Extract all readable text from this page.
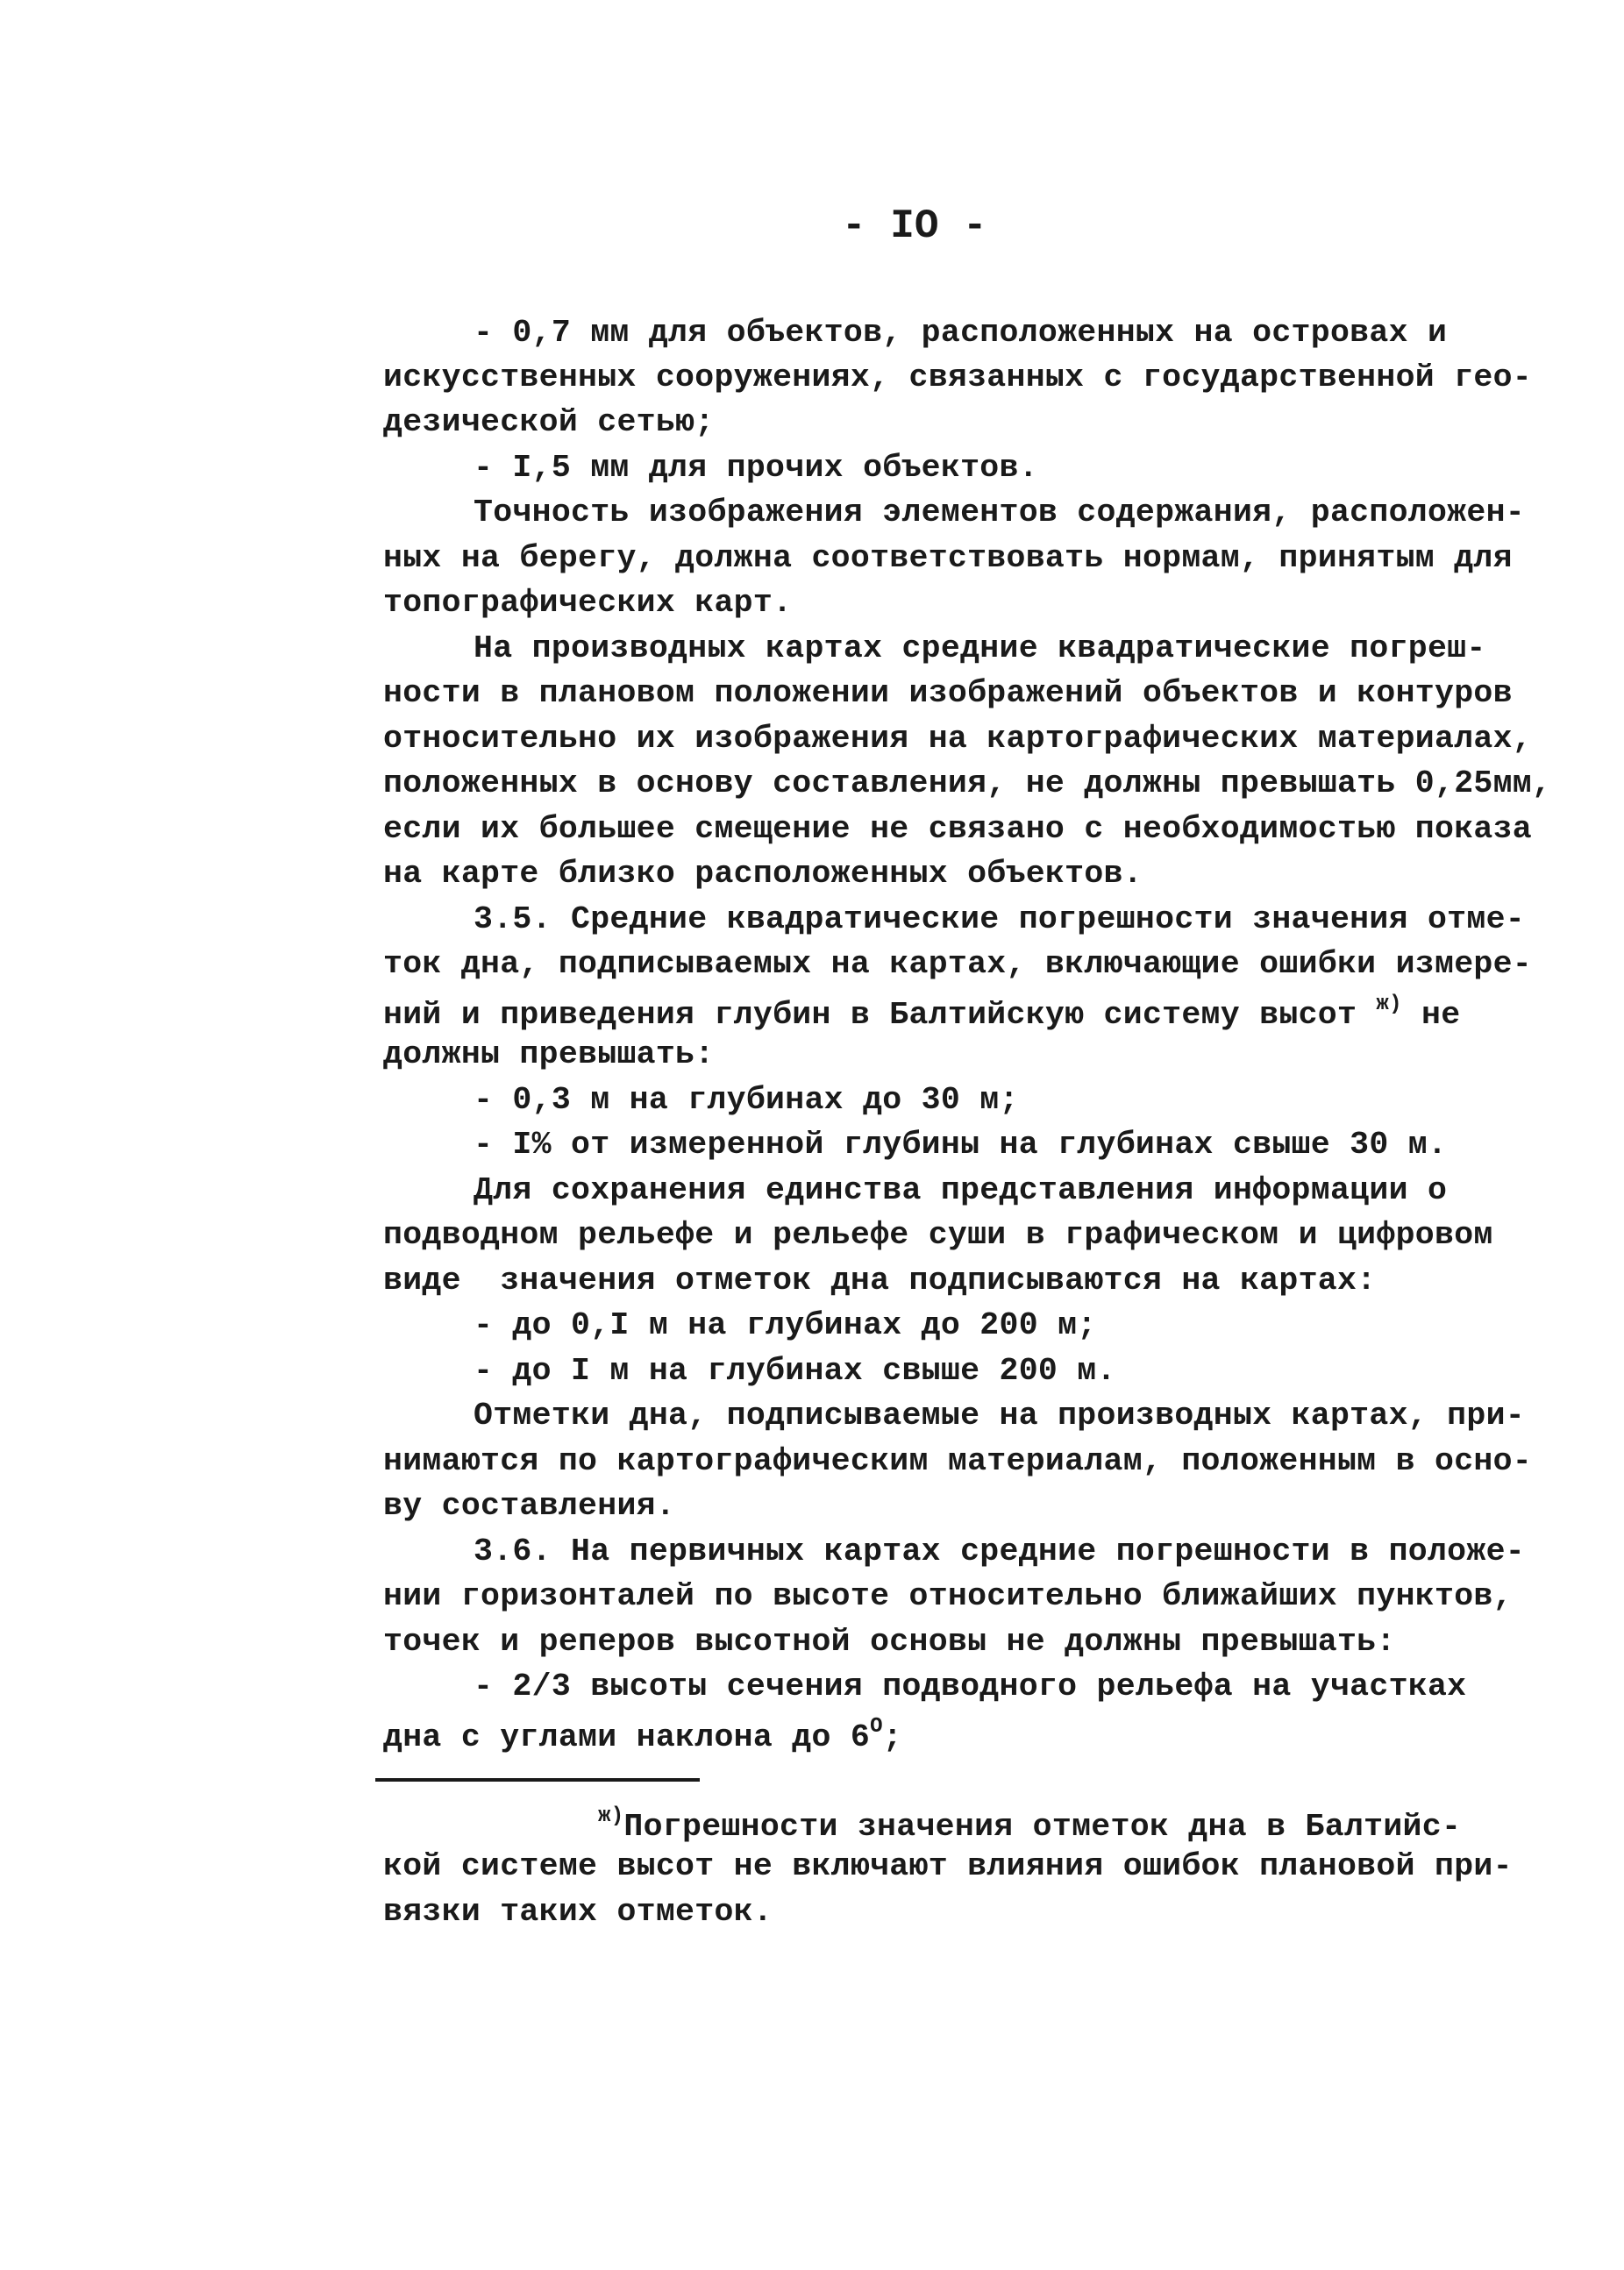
- IO -
- 0,7 мм для объектов, расположенных на островах и
искусственных сооружениях, связанных с государственной гео-
дезической сетью;
- I,5 мм для прочих объектов.
Точность изображения элементов содержания, расположен-
ных на берегу, должна соответствовать нормам, принятым для
топографических карт.
На производных картах средние квадратические погреш-
ности в плановом положении изображений объектов и контуров
относительно их изображения на картографических материалах,
положенных в основу составления, не должны превышать 0,25мм,
если их большее смещение не связано с необходимостью показа
на карте близко расположенных объектов.
3.5. Средние квадратические погрешности значения отме-
ток дна, подписываемых на картах, включающие ошибки измере-
ний и приведения глубин в Балтийскую систему высот $^{ж)}$ не
должны превышать:
- 0,3 м на глубинах до 30 м;
- I% от измеренной глубины на глубинах свыше 30 м.
Для сохранения единства представления информации о
подводном рельефе и рельефе суши в графическом и цифровом
виде  значения отметок дна подписываются на картах:
- до 0,I м на глубинах до 200 м;
- до I м на глубинах свыше 200 м.
Отметки дна, подписываемые на производных картах, при-
нимаются по картографическим материалам, положенным в осно-
ву составления.
3.6. На первичных картах средние погрешности в положе-
нии горизонталей по высоте относительно ближайших пунктов,
точек и реперов высотной основы не должны превышать:
- 2/3 высоты сечения подводного рельефа на участках
дна с углами наклона до $6^O$;
$^{ж)}$Погрешности значения отметок дна в Балтийс-
кой системе высот не включают влияния ошибок плановой при-
вязки таких отметок.
